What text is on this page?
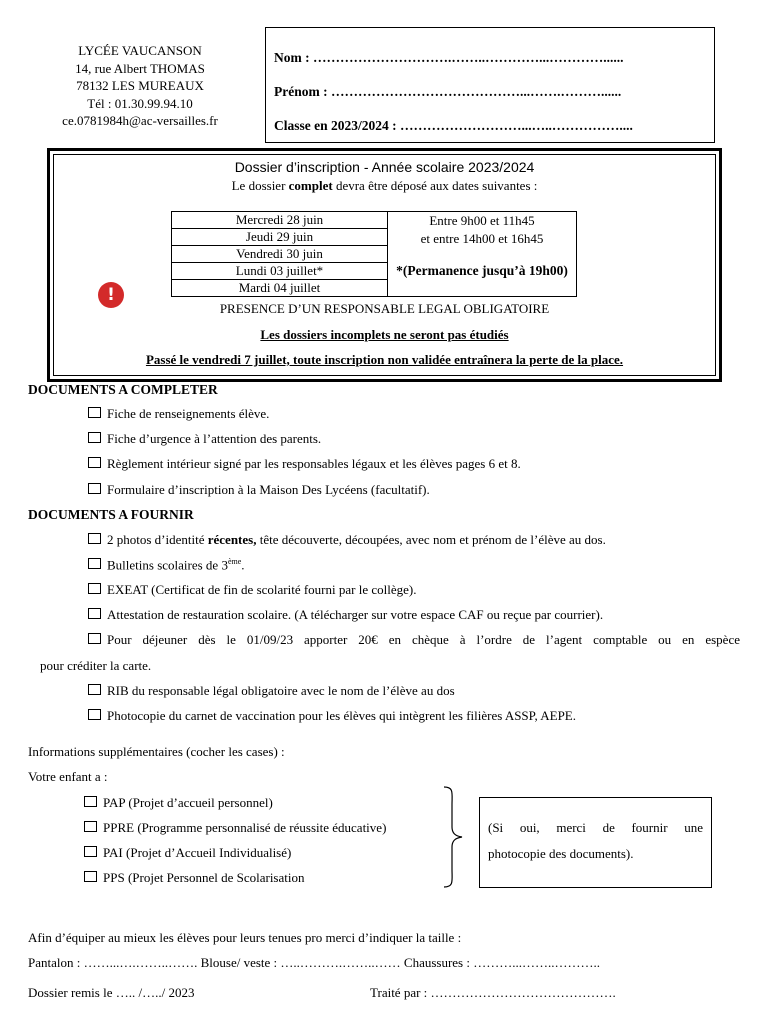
LYCÉE VAUCANSON
14, rue Albert THOMAS
78132 LES MUREAUX
Tél : 01.30.99.94.10
ce.0781984h@ac-versailles.fr
Nom : ………………………….……..…………...…………......
Prénom : ……………………………………...…….………......
Classe en 2023/2024 : ………………………...…..……………....
Dossier d’inscription - Année scolaire 2023/2024
Le dossier complet devra être déposé aux dates suivantes :
Mercredi 28 juin	Entre 9h00 et 11h45
et entre 14h00 et 16h45
*(Permanence jusqu’à 19h00)

Jeudi 29 juin
Vendredi 30 juin
Lundi 03 juillet*
Mardi 04 juillet
!
PRESENCE D’UN RESPONSABLE LEGAL OBLIGATOIRE
Les dossiers incomplets ne seront pas étudiés
Passé le vendredi 7 juillet, toute inscription non validée entraînera la perte de la place.
DOCUMENTS A COMPLETER
Fiche de renseignements élève.
Fiche d’urgence à l’attention des parents.
Règlement intérieur signé par les responsables légaux et les élèves pages 6 et 8.
Formulaire d’inscription à la Maison Des Lycéens (facultatif).
DOCUMENTS A FOURNIR
2 photos d’identité récentes, tête découverte, découpées, avec nom et prénom de l’élève au dos.
Bulletins scolaires de 3ème.
EXEAT (Certificat de fin de scolarité fourni par le collège).
Attestation de restauration scolaire. (A télécharger sur votre espace CAF ou reçue par courrier).
Pour déjeuner dès le 01/09/23 apporter 20€ en chèque à l’ordre de l’agent comptable ou en espèce
pour créditer la carte.
RIB du responsable légal obligatoire avec le nom de l’élève au dos
Photocopie du carnet de vaccination pour les élèves qui intègrent les filières ASSP, AEPE.
Informations supplémentaires (cocher les cases) :
Votre enfant a :
PAP (Projet d’accueil personnel)
PPRE (Programme personnalisé de réussite éducative)
PAI (Projet d’Accueil Individualisé)
PPS (Projet Personnel de Scolarisation
(Si oui, merci de fournir une
photocopie des documents).
Afin d’équiper au mieux les élèves pour leurs tenues pro merci d’indiquer la taille :
Pantalon : ……...….……..……. Blouse/ veste : …..……….……..…… Chaussures : ………...……..………..
Dossier remis le ….. /…../ 2023	Traité par : …………………………………….
